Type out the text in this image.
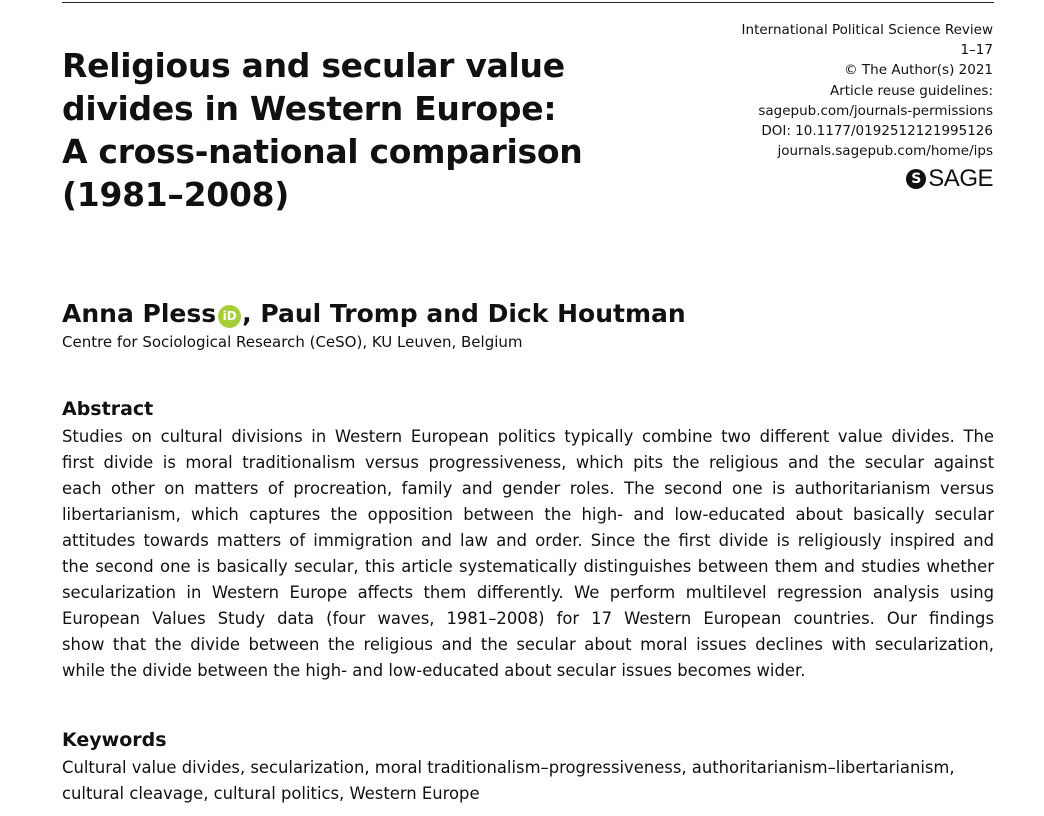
Religious and secular value
divides in Western Europe:
A cross-national comparison
(1981–2008)
International Political Science Review
1–17
© The Author(s) 2021
Article reuse guidelines:
sagepub.com/journals-permissions
DOI: 10.1177/0192512121995126
journals.sagepub.com/home/ips
S SAGE
Anna Pless iD , Paul Tromp and Dick Houtman
Centre for Sociological Research (CeSO), KU Leuven, Belgium
Abstract
Studies on cultural divisions in Western European politics typically combine two different value divides. The
first divide is moral traditionalism versus progressiveness, which pits the religious and the secular against
each other on matters of procreation, family and gender roles. The second one is authoritarianism versus
libertarianism, which captures the opposition between the high- and low-educated about basically secular
attitudes towards matters of immigration and law and order. Since the first divide is religiously inspired and
the second one is basically secular, this article systematically distinguishes between them and studies whether
secularization in Western Europe affects them differently. We perform multilevel regression analysis using
European Values Study data (four waves, 1981–2008) for 17 Western European countries. Our findings
show that the divide between the religious and the secular about moral issues declines with secularization,
while the divide between the high- and low-educated about secular issues becomes wider.
Keywords
Cultural value divides, secularization, moral traditionalism–progressiveness, authoritarianism–libertarianism,
cultural cleavage, cultural politics, Western Europe
